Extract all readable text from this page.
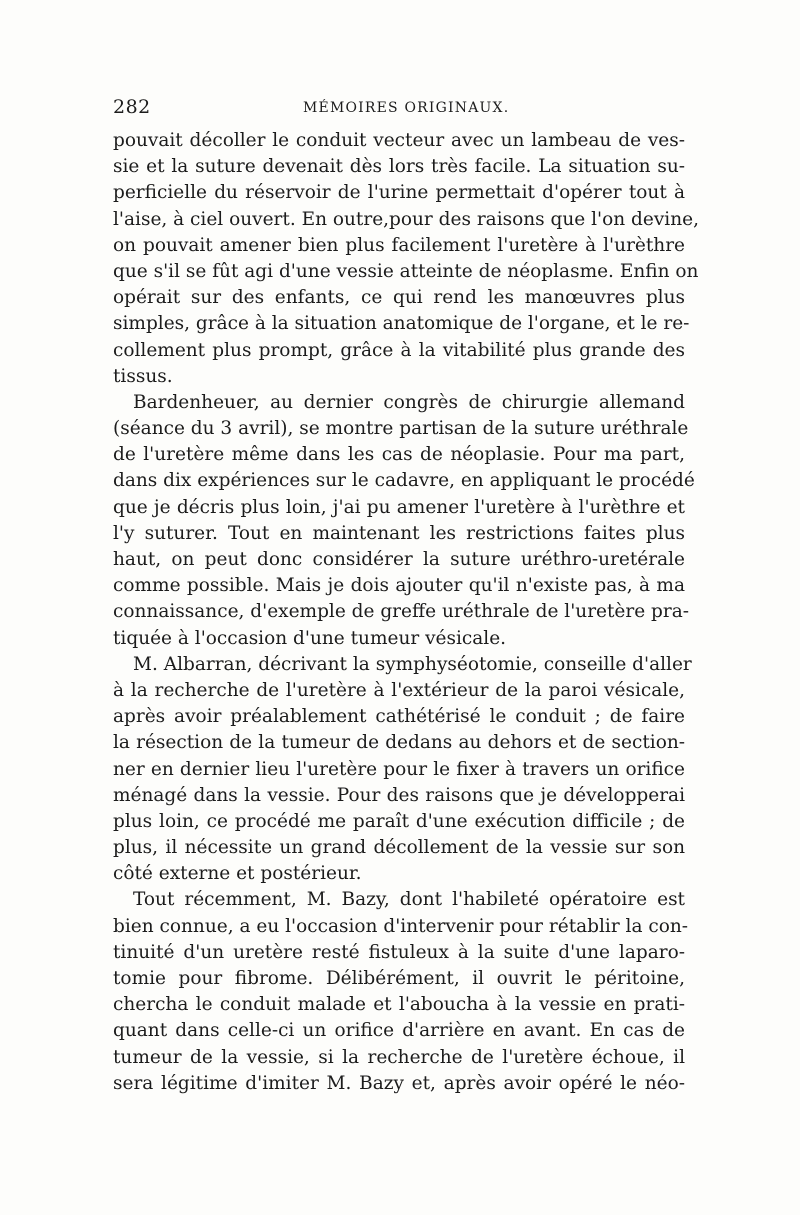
282	MÉMOIRES ORIGINAUX.
pouvait décoller le conduit vecteur avec un lambeau de ves-
sie et la suture devenait dès lors très facile. La situation su-
perficielle du réservoir de l'urine permettait d'opérer tout à
l'aise, à ciel ouvert. En outre,pour des raisons que l'on devine,
on pouvait amener bien plus facilement l'uretère à l'urèthre
que s'il se fût agi d'une vessie atteinte de néoplasme. Enfin on
opérait sur des enfants, ce qui rend les manœuvres plus
simples, grâce à la situation anatomique de l'organe, et le re-
collement plus prompt, grâce à la vitabilité plus grande des
tissus.
Bardenheuer, au dernier congrès de chirurgie allemand
(séance du 3 avril), se montre partisan de la suture uréthrale
de l'uretère même dans les cas de néoplasie. Pour ma part,
dans dix expériences sur le cadavre, en appliquant le procédé
que je décris plus loin, j'ai pu amener l'uretère à l'urèthre et
l'y suturer. Tout en maintenant les restrictions faites plus
haut, on peut donc considérer la suture uréthro-uretérale
comme possible. Mais je dois ajouter qu'il n'existe pas, à ma
connaissance, d'exemple de greffe uréthrale de l'uretère pra-
tiquée à l'occasion d'une tumeur vésicale.
M. Albarran, décrivant la symphyséotomie, conseille d'aller
à la recherche de l'uretère à l'extérieur de la paroi vésicale,
après avoir préalablement cathétérisé le conduit ; de faire
la résection de la tumeur de dedans au dehors et de section-
ner en dernier lieu l'uretère pour le fixer à travers un orifice
ménagé dans la vessie. Pour des raisons que je développerai
plus loin, ce procédé me paraît d'une exécution difficile ; de
plus, il nécessite un grand décollement de la vessie sur son
côté externe et postérieur.
Tout récemment, M. Bazy, dont l'habileté opératoire est
bien connue, a eu l'occasion d'intervenir pour rétablir la con-
tinuité d'un uretère resté fistuleux à la suite d'une laparo-
tomie pour fibrome. Délibérément, il ouvrit le péritoine,
chercha le conduit malade et l'aboucha à la vessie en prati-
quant dans celle-ci un orifice d'arrière en avant. En cas de
tumeur de la vessie, si la recherche de l'uretère échoue, il
sera légitime d'imiter M. Bazy et, après avoir opéré le néo-
